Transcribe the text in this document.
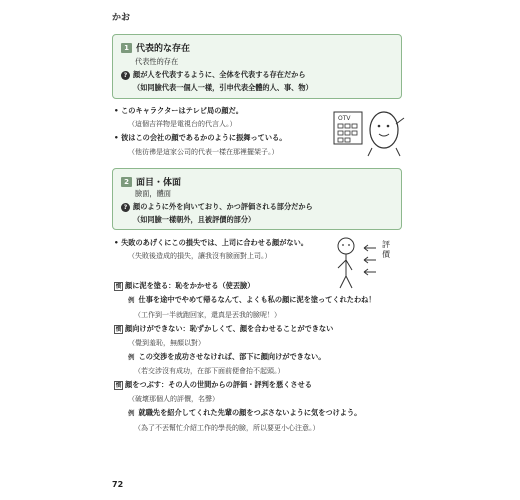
かお
1 代表的な存在
代表性的存在
? 顔が人を代表するように、全体を代表する存在だから
（如同臉代表一個人一樣，引申代表全體的人、事、物）
• このキャラクターはテレビ局の顔だ。
（這個吉祥物是電視台的代言人。）
• 彼はこの会社の顔であるかのように振舞っている。
（他彷彿是這家公司的代表一樣在那裡擺架子。）
OTV
2 面目・体面
臉面，體面
? 顔のように外を向いており、かつ評価される部分だから
（如同臉一樣朝外，且被評價的部分）
• 失敗のあげくにこの損失では、上司に合わせる顔がない。
（失敗後造成的損失，讓我沒有臉面對上司。）
評價
慣 顔に泥を塗る：恥をかかせる（使丟臉）
例 仕事を途中でやめて帰るなんて、よくも私の顔に泥を塗ってくれたわね！
（工作到一半就跑回家，還真是丟我的臉呢！）
慣 顔向けができない：恥ずかしくて、顔を合わせることができない
（覺到羞恥，無顏以對）
例 この交渉を成功させなければ、部下に顔向けができない。
（若交涉沒有成功，在部下面前便會抬不起頭。）
慣 顔をつぶす：その人の世間からの評価・評判を悪くさせる
（破壞那個人的評價，名聲）
例 就職先を紹介してくれた先輩の顔をつぶさないように気をつけよう。
（為了不丟幫忙介紹工作的學長的臉，所以要更小心注意。）
72
